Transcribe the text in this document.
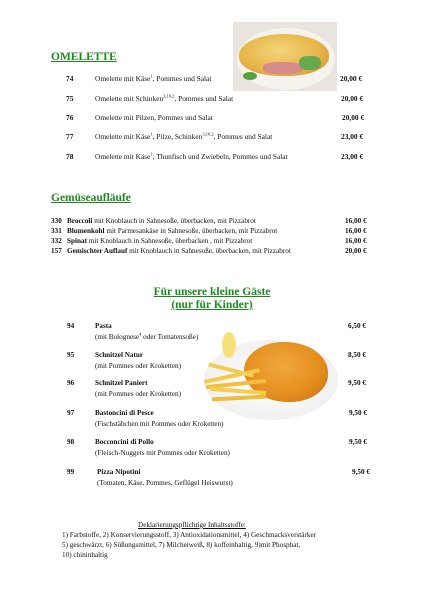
OMELETTE
74	Omelette mit Käse$^1$, Pommes und Salat	20,00 €
75	Omelette mit Schinken$^{3,10,2}$, Pommes und Salat	20,00 €
76	Omelette mit Pilzen, Pommes und Salat	20,00 €
77	Omelette mit Käse$^1$, Pilze, Schinken$^{3,10,2}$, Pommes und Salat	23,00 €
78	Omelette mit Käse$^1$, Thunfisch und Zwiebeln, Pommes und Salat	23,00 €
Gemüseaufläufe
330 Broccoli mit Knoblauch in Sahnesoße, überbacken, mit Pizzabrot	16,00 €
331 Blumenkohl mit Parmesankäse in Sahnesoße, überbacken, mit Pizzabrot	16,00 €
332 Spinat mit Knoblauch in Sahnesoße, überbacken , mit Pizzabrot	16,00 €
157 Gemischter Auflauf mit Knoblauch in Sahnesoße, überbacken, mit Pizzabrot	20,00 €
Für unsere kleine Gäste
(nur für Kinder)
94	Pasta	6,50 €
(mit Bolognese$^4$ oder Tomatensoße)
95	Schnitzel Natur	8,50 €
(mit Pommes oder Kroketten)
96	Schnitzel Paniert	9,50 €
(mit Pommes oder Kroketten)
97	Bastoncini di Pesce	9,50 €
(Fischstäbchen mit Pommes oder Kroketten)
98	Bocconcini di Pollo	9,50 €
(Fleisch-Nuggets mit Pommes oder Kroketten)
99	Pizza Nipotini	9,50 €
(Tomaten, Käse, Pommes, Geflügel Heiswurst)
Deklarierungspflichtige Inhaltsstoffe:
1) Farbstoffe, 2) Konservierungsstoff, 3) Antioxidationsmittel, 4) Geschmacksverstärker
5) geschwärzt, 6) Süßungsmittel, 7) Milcheiweiß, 8) koffeinhaltig, 9)mit Phosphat,
10) chininhaltig
